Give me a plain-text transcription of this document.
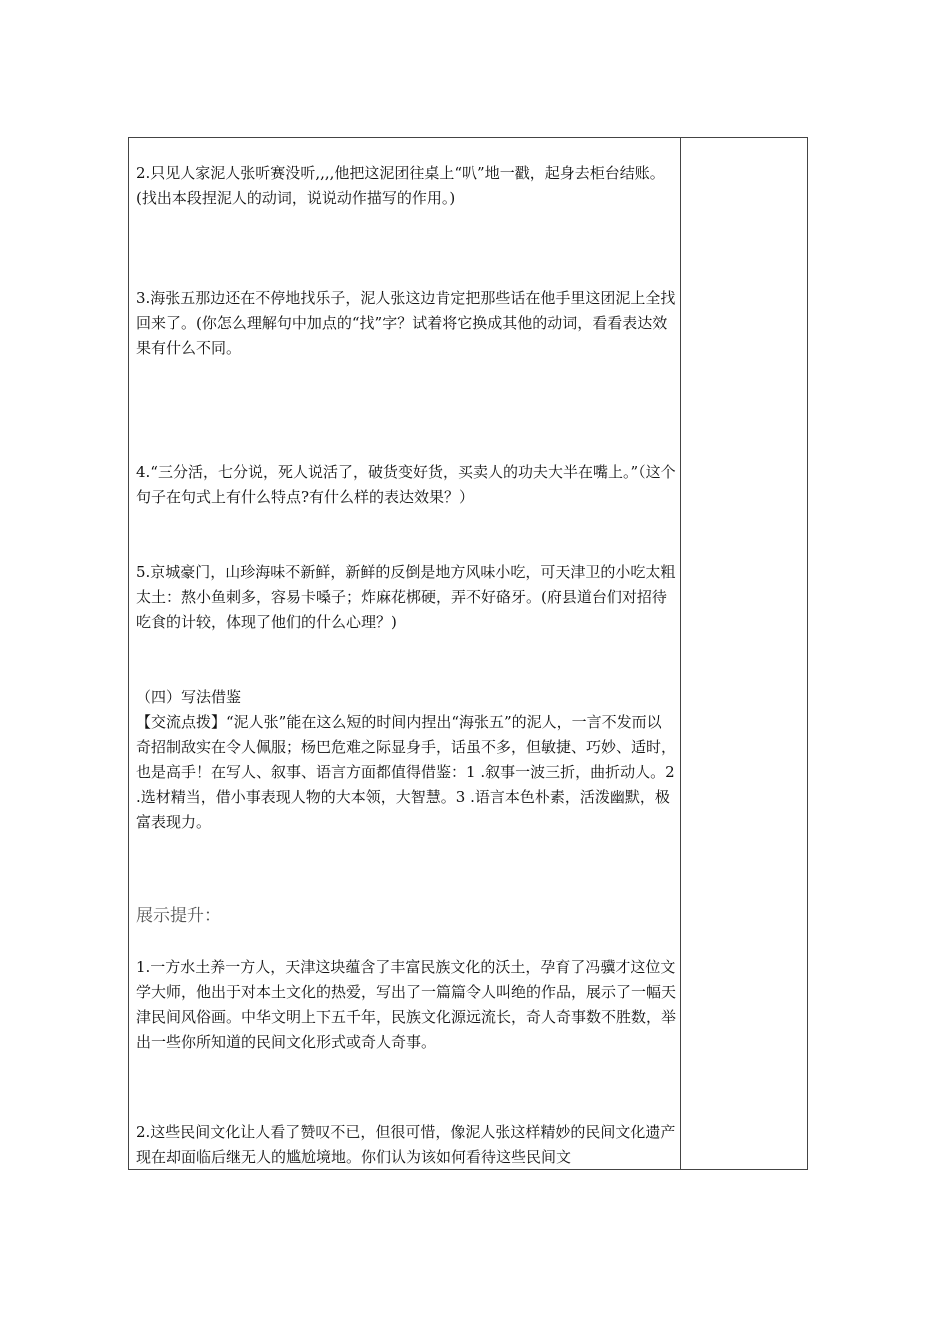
2.只见人家泥人张听赛没听,,,,他把这泥团往桌上“叭”地一戳，起身去柜台结账。(找出本段捏泥人的动词，说说动作描写的作用。)

3.海张五那边还在不停地找乐子，泥人张这边肯定把那些话在他手里这团泥上全找回来了。(你怎么理解句中加点的“找”字？试着将它换成其他的动词，看看表达效果有什么不同。

4.“三分活，七分说，死人说活了，破货变好货，买卖人的功夫大半在嘴上。”（这个句子在句式上有什么特点?有什么样的表达效果？）

5.京城豪门，山珍海味不新鲜，新鲜的反倒是地方风味小吃，可天津卫的小吃太粗太土：熬小鱼刺多，容易卡嗓子；炸麻花梆硬，弄不好硌牙。(府县道台们对招待吃食的计较，体现了他们的什么心理？)

（四）写法借鉴

【交流点拨】“泥人张”能在这么短的时间内捏出“海张五”的泥人，一言不发而以奇招制敌实在令人佩服；杨巴危难之际显身手，话虽不多，但敏捷、巧妙、适时，也是高手！在写人、叙事、语言方面都值得借鉴：1 .叙事一波三折，曲折动人。2 .选材精当，借小事表现人物的大本领，大智慧。3 .语言本色朴素，活泼幽默，极富表现力。

展示提升：

1.一方水土养一方人，天津这块蕴含了丰富民族文化的沃土，孕育了冯骥才这位文学大师，他出于对本土文化的热爱，写出了一篇篇令人叫绝的作品，展示了一幅天津民间风俗画。中华文明上下五千年，民族文化源远流长，奇人奇事数不胜数，举出一些你所知道的民间文化形式或奇人奇事。

2.这些民间文化让人看了赞叹不已，但很可惜，像泥人张这样精妙的民间文化遗产现在却面临后继无人的尴尬境地。你们认为该如何看待这些民间文
